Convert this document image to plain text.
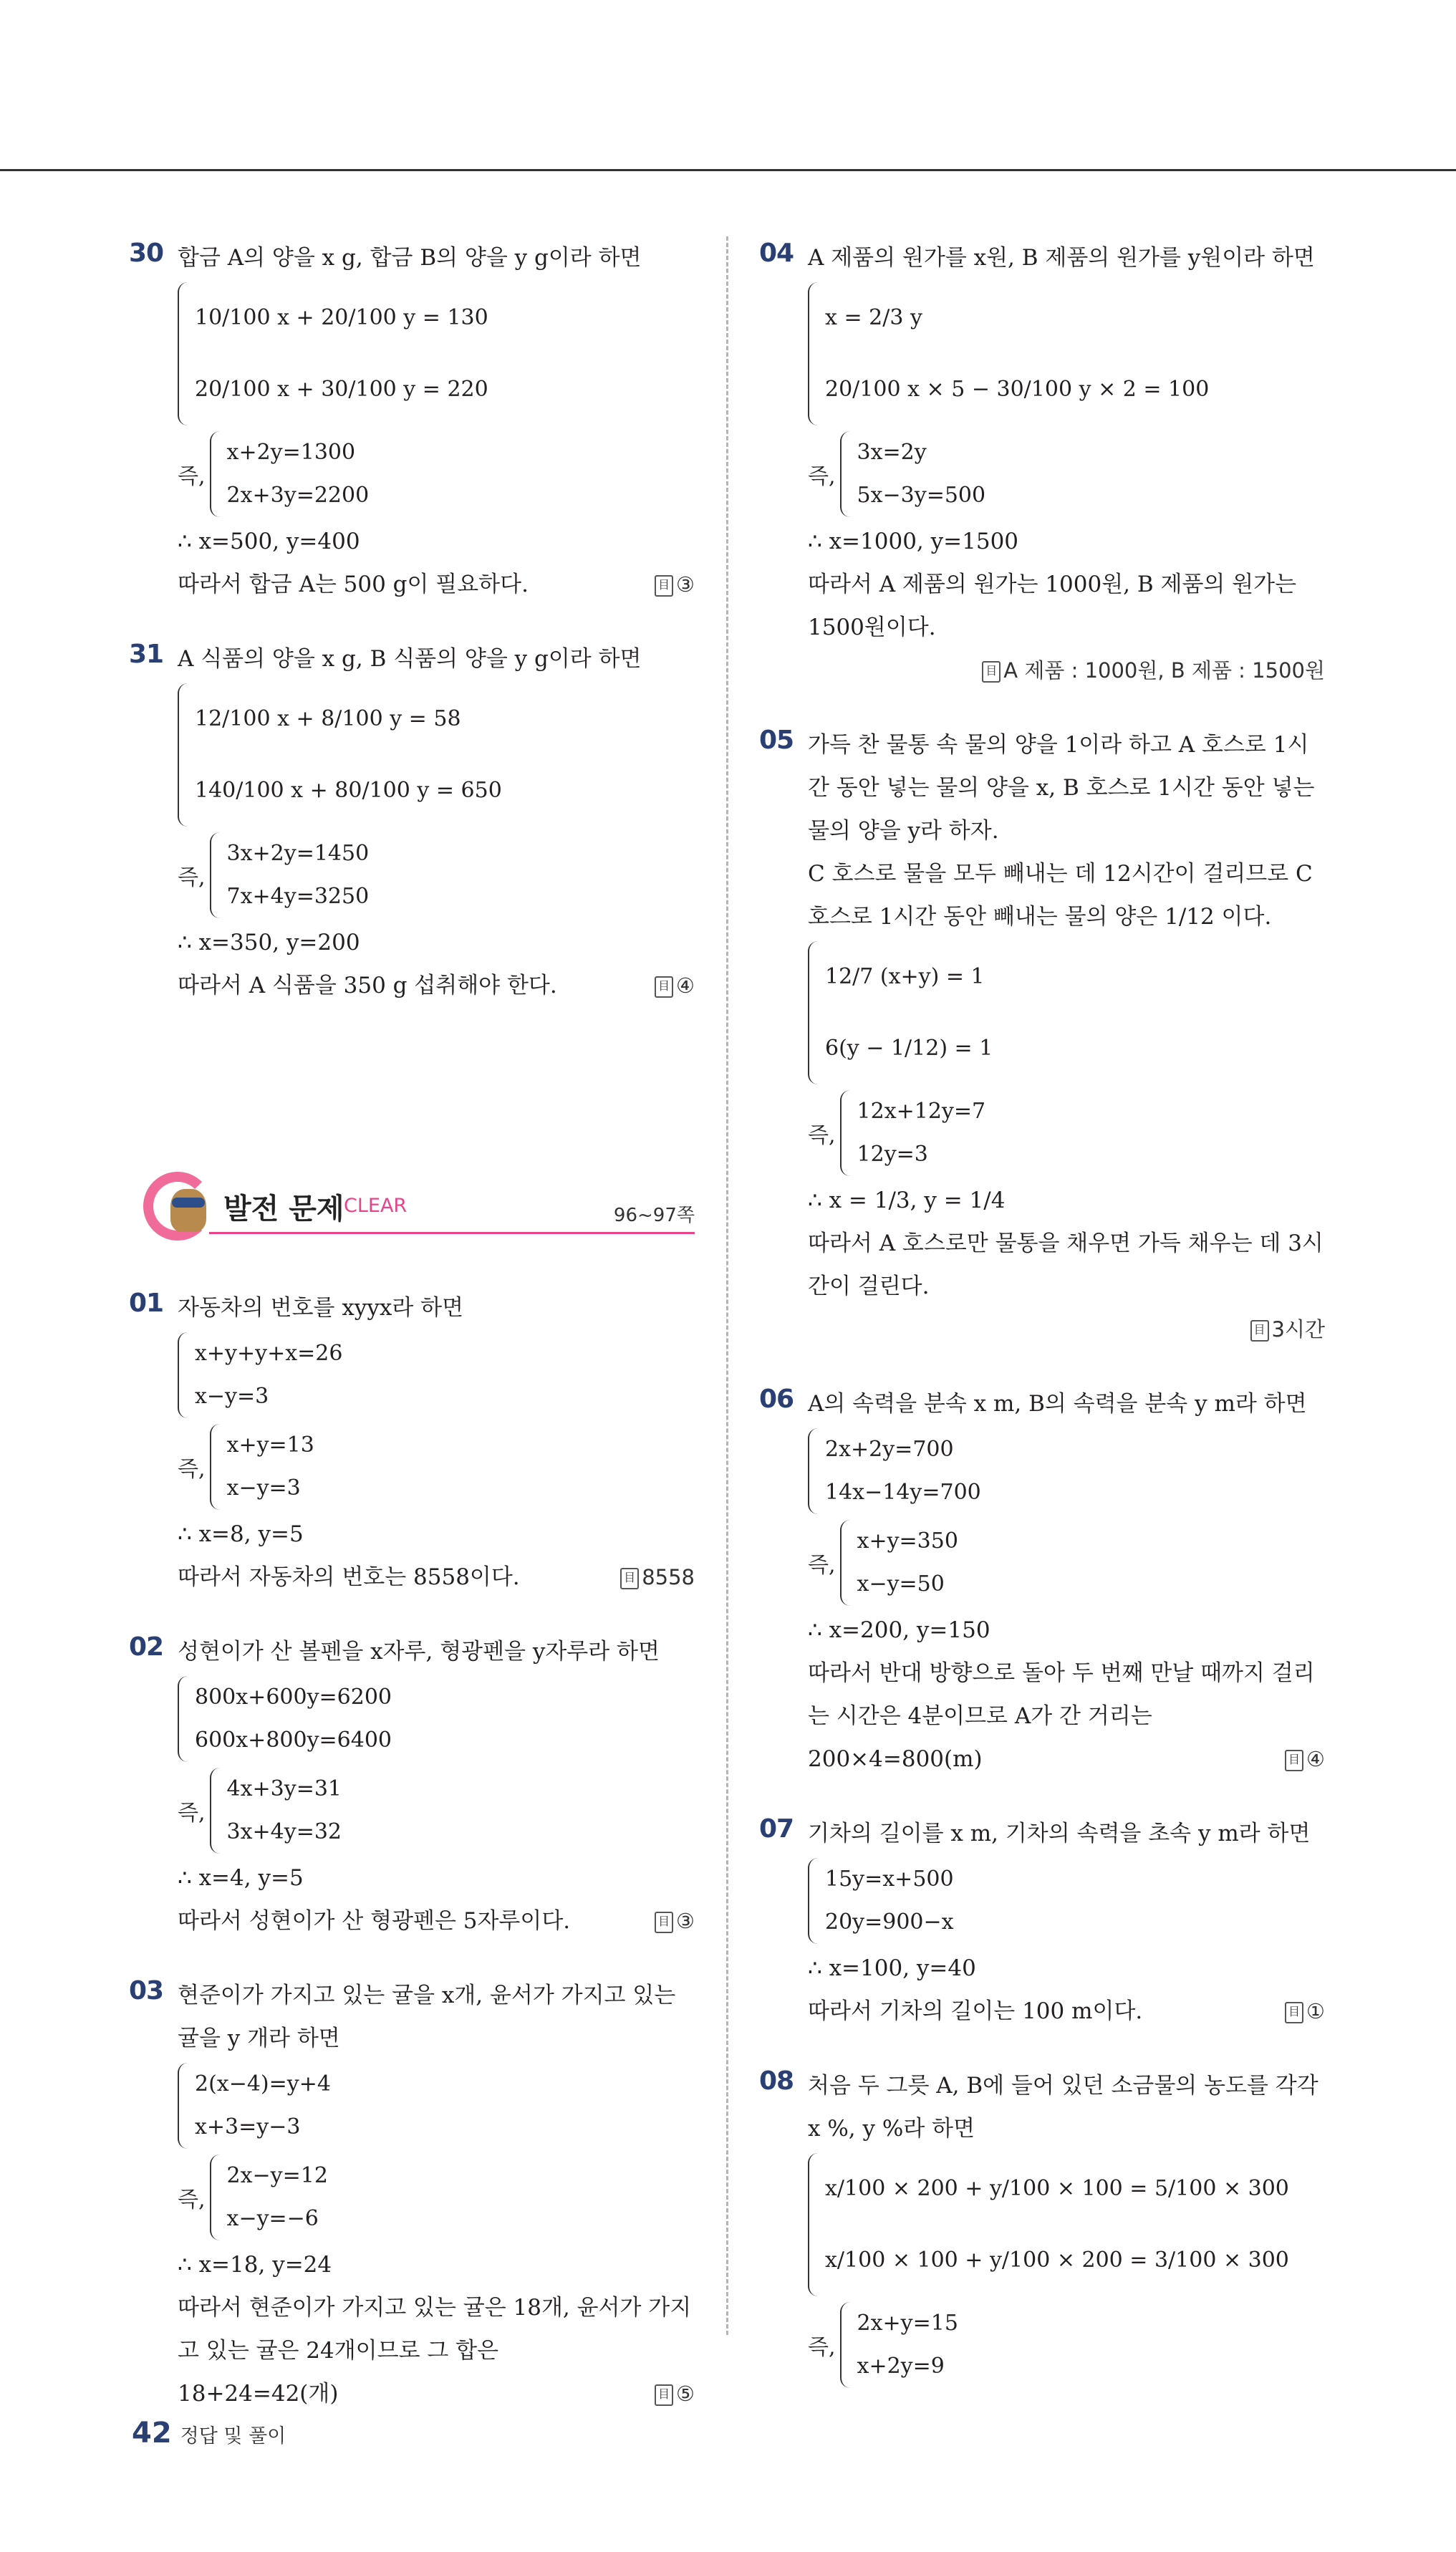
30 합금 A의 양을 x g, 합금 B의 양을 y g이라 하면
10/100 x + 20/100 y = 130
20/100 x + 30/100 y = 220
즉,
x+2y=1300
2x+3y=2200
∴ x=500, y=400
따라서 합금 A는 500 g이 필요하다.	目 ③
31 A 식품의 양을 x g, B 식품의 양을 y g이라 하면
12/100 x + 8/100 y = 58
140/100 x + 80/100 y = 650
즉,
3x+2y=1450
7x+4y=3250
∴ x=350, y=200
따라서 A 식품을 350 g 섭취해야 한다.	目 ④
발전 문제 CLEAR	96~97쪽
01 자동차의 번호를 xyyx라 하면
x+y+y+x=26
x−y=3
즉,
x+y=13
x−y=3
∴ x=8, y=5
따라서 자동차의 번호는 8558이다.	目 8558
02 성현이가 산 볼펜을 x자루, 형광펜을 y자루라 하면
800x+600y=6200
600x+800y=6400
즉,
4x+3y=31
3x+4y=32
∴ x=4, y=5
따라서 성현이가 산 형광펜은 5자루이다.	目 ③
03 현준이가 가지고 있는 귤을 x개, 윤서가 가지고 있는 귤을 y 개라 하면
2(x−4)=y+4
x+3=y−3
즉,
2x−y=12
x−y=−6
∴ x=18, y=24
따라서 현준이가 가지고 있는 귤은 18개, 윤서가 가지고 있는 귤은 24개이므로 그 합은
18+24=42(개)	目 ⑤
04 A 제품의 원가를 x원, B 제품의 원가를 y원이라 하면
x = 2/3 y
20/100 x × 5 − 30/100 y × 2 = 100
즉,
3x=2y
5x−3y=500
∴ x=1000, y=1500
따라서 A 제품의 원가는 1000원, B 제품의 원가는 1500원이다.
目 A 제품 : 1000원, B 제품 : 1500원
05 가득 찬 물통 속 물의 양을 1이라 하고 A 호스로 1시간 동안 넣는 물의 양을 x, B 호스로 1시간 동안 넣는 물의 양을 y라 하자.
C 호스로 물을 모두 빼내는 데 12시간이 걸리므로 C 호스로 1시간 동안 빼내는 물의 양은 1/12 이다.
12/7 (x+y) = 1
6(y − 1/12) = 1
즉,
12x+12y=7
12y=3
∴ x = 1/3, y = 1/4
따라서 A 호스로만 물통을 채우면 가득 채우는 데 3시간이 걸린다.
目 3시간
06 A의 속력을 분속 x m, B의 속력을 분속 y m라 하면
2x+2y=700
14x−14y=700
즉,
x+y=350
x−y=50
∴ x=200, y=150
따라서 반대 방향으로 돌아 두 번째 만날 때까지 걸리는 시간은 4분이므로 A가 간 거리는
200×4=800(m)	目 ④
07 기차의 길이를 x m, 기차의 속력을 초속 y m라 하면
15y=x+500
20y=900−x
∴ x=100, y=40
따라서 기차의 길이는 100 m이다.	目 ①
08 처음 두 그릇 A, B에 들어 있던 소금물의 농도를 각각 x %, y %라 하면
x/100 × 200 + y/100 × 100 = 5/100 × 300
x/100 × 100 + y/100 × 200 = 3/100 × 300
즉,
2x+y=15
x+2y=9
42 정답 및 풀이
